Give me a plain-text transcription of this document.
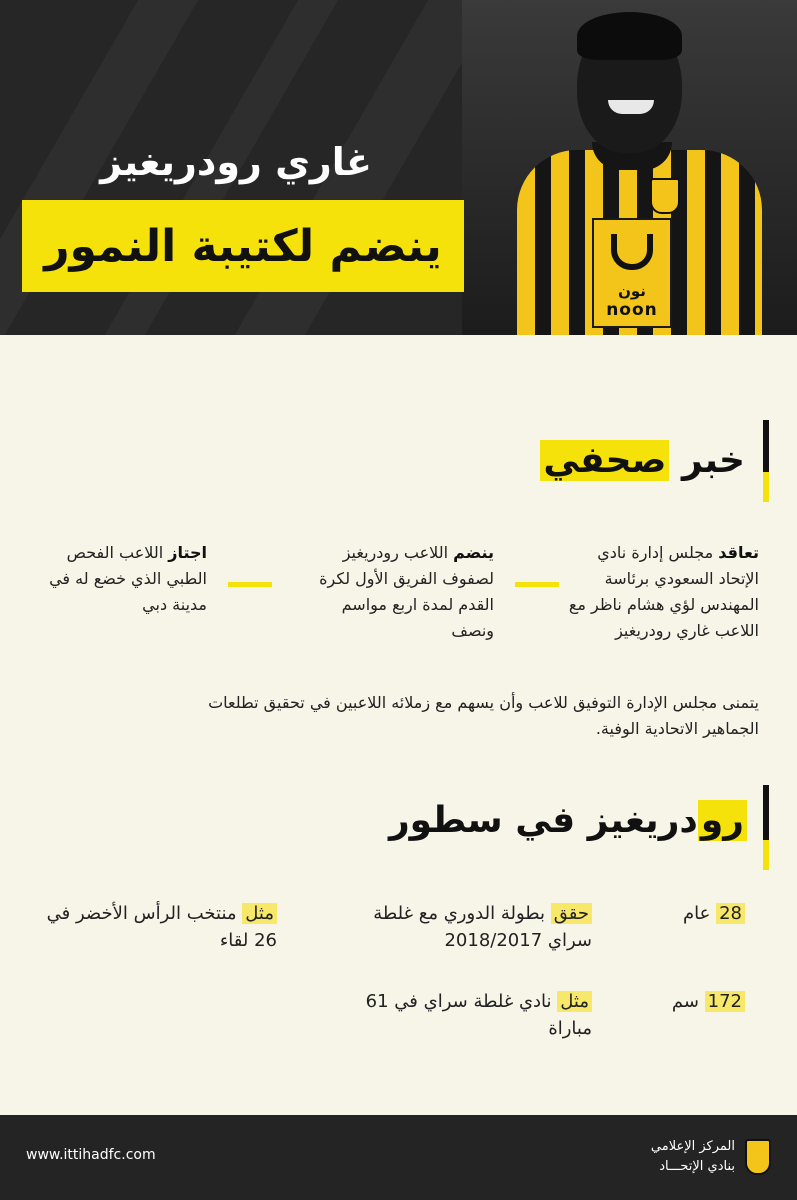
نون
noon
غاري رودريغيز
ينضم لكتيبة النمور
خبر صحفي
تعاقد مجلس إدارة نادي الإتحاد السعودي برئاسة المهندس لؤي هشام ناظر مع اللاعب غاري رودريغيز
ينضم اللاعب رودريغيز لصفوف الفريق الأول لكرة القدم لمدة اربع مواسم ونصف
اجتاز اللاعب الفحص الطبي الذي خضع له في مدينة دبي
يتمنى مجلس الإدارة التوفيق للاعب وأن يسهم مع زملائه اللاعبين في تحقيق تطلعات الجماهير الاتحادية الوفية.
رودريغيز في سطور
28 عام
حقق بطولة الدوري مع غلطة سراي 2018/2017
مثل منتخب الرأس الأخضر في 26 لقاء
172 سم
مثل نادي غلطة سراي في 61 مباراة
www.ittihadfc.com
المركز الإعلامي
بنادي الإتحـــاد
